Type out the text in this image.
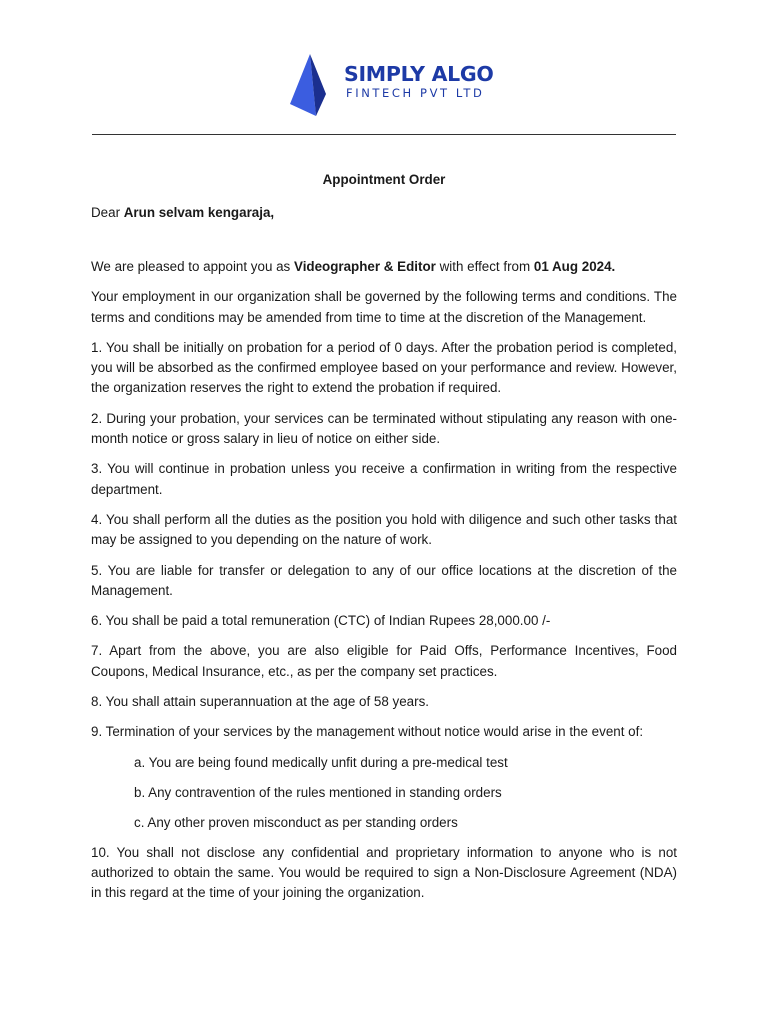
SIMPLY ALGO
FINTECH PVT LTD

Appointment Order

Dear Arun selvam kengaraja,

We are pleased to appoint you as Videographer & Editor with effect from 01 Aug 2024.

Your employment in our organization shall be governed by the following terms and conditions. The terms and conditions may be amended from time to time at the discretion of the Management.

1. You shall be initially on probation for a period of 0 days. After the probation period is completed, you will be absorbed as the confirmed employee based on your performance and review. However, the organization reserves the right to extend the probation if required.

2. During your probation, your services can be terminated without stipulating any reason with one-month notice or gross salary in lieu of notice on either side.

3. You will continue in probation unless you receive a confirmation in writing from the respective department.

4. You shall perform all the duties as the position you hold with diligence and such other tasks that may be assigned to you depending on the nature of work.

5. You are liable for transfer or delegation to any of our office locations at the discretion of the Management.

6. You shall be paid a total remuneration (CTC) of Indian Rupees 28,000.00 /-

7. Apart from the above, you are also eligible for Paid Offs, Performance Incentives, Food Coupons, Medical Insurance, etc., as per the company set practices.

8. You shall attain superannuation at the age of 58 years.

9. Termination of your services by the management without notice would arise in the event of:

a. You are being found medically unfit during a pre-medical test

b. Any contravention of the rules mentioned in standing orders

c. Any other proven misconduct as per standing orders

10. You shall not disclose any confidential and proprietary information to anyone who is not authorized to obtain the same. You would be required to sign a Non-Disclosure Agreement (NDA) in this regard at the time of your joining the organization.
